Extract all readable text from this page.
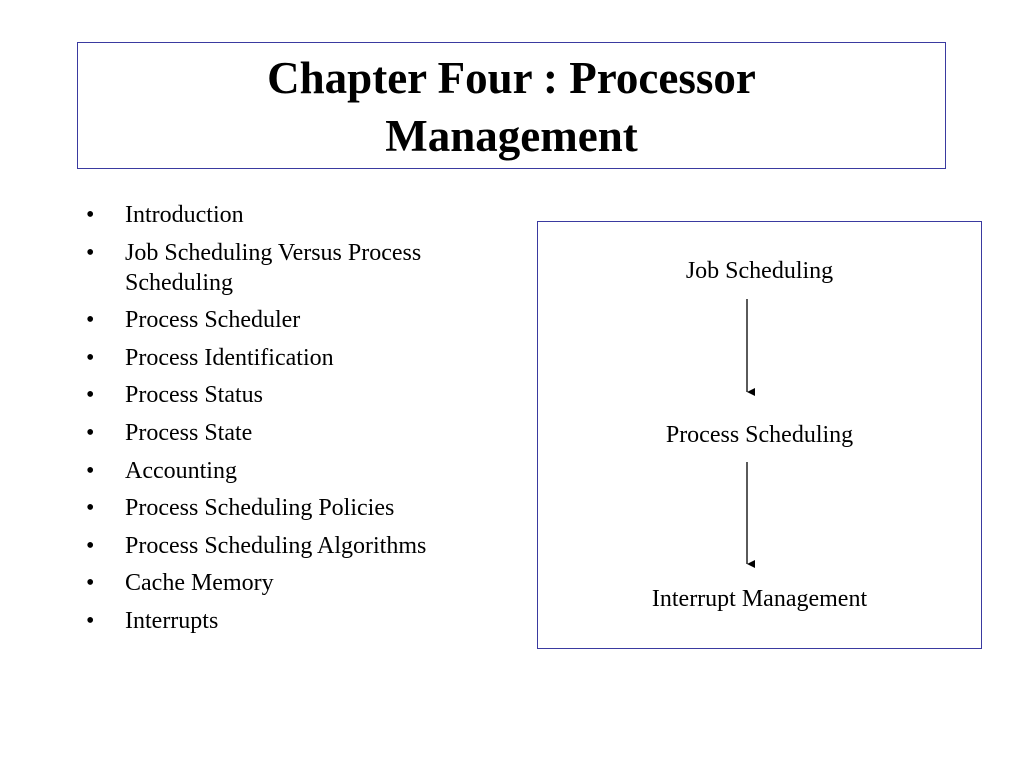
Chapter Four : Processor Management
•	Introduction
•	Job Scheduling Versus Process Scheduling
•	Process Scheduler
•	Process Identification
•	Process Status
•	Process State
•	Accounting
•	Process Scheduling Policies
•	Process Scheduling Algorithms
•	Cache Memory
•	Interrupts
Job Scheduling
Process Scheduling
Interrupt Management
